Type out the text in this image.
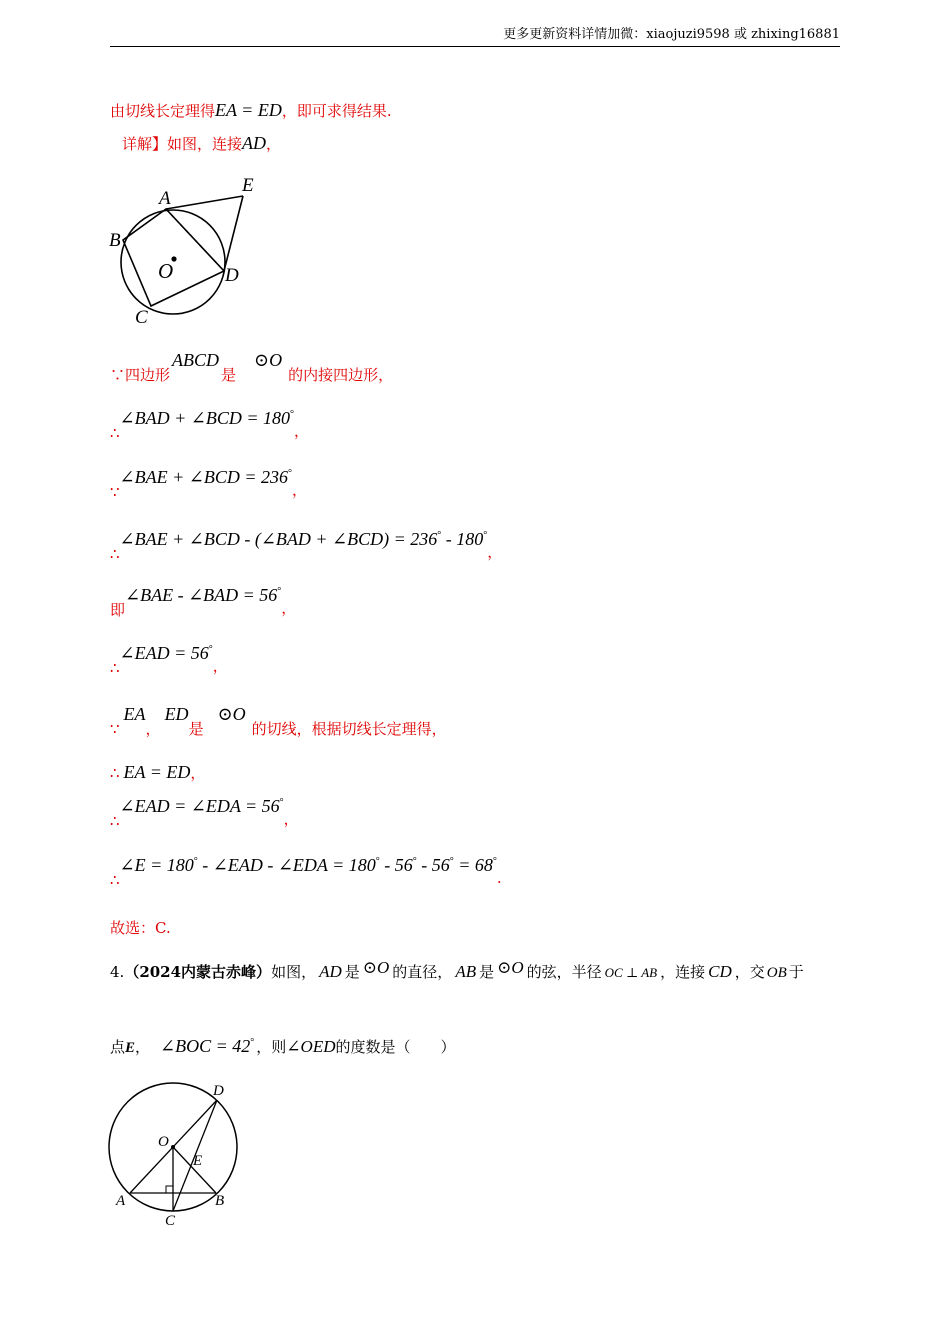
更多更新资料详情加微：xiaojuzi9598 或 zhixing16881
由切线长定理得EA = ED，即可求得结果.
详解】如图，连接AD，
A
E
B
O	D
C
∵四边形ABCD是⊙O的内接四边形，
∴∠BAD + ∠BCD = 180°，
∵∠BAE + ∠BCD = 236°，
∴∠BAE + ∠BCD - (∠BAD + ∠BCD) = 236° - 180°，
即∠BAE - ∠BAD = 56°，
∴∠EAD = 56°，
∵EA，ED是⊙O的切线，根据切线长定理得，
∴ EA = ED，
∴∠EAD = ∠EDA = 56°，
∴∠E = 180° - ∠EAD - ∠EDA = 180° - 56° - 56° = 68°.
故选：C.
4.（2024内蒙古赤峰）如图， AD 是 ⊙O 的直径， AB 是 ⊙O 的弦，半径 OC ⊥ AB ，连接 CD ，交 OB 于
点E， ∠BOC = 42° ，则∠OED的度数是（　　）
D
O
E
A	B
C
